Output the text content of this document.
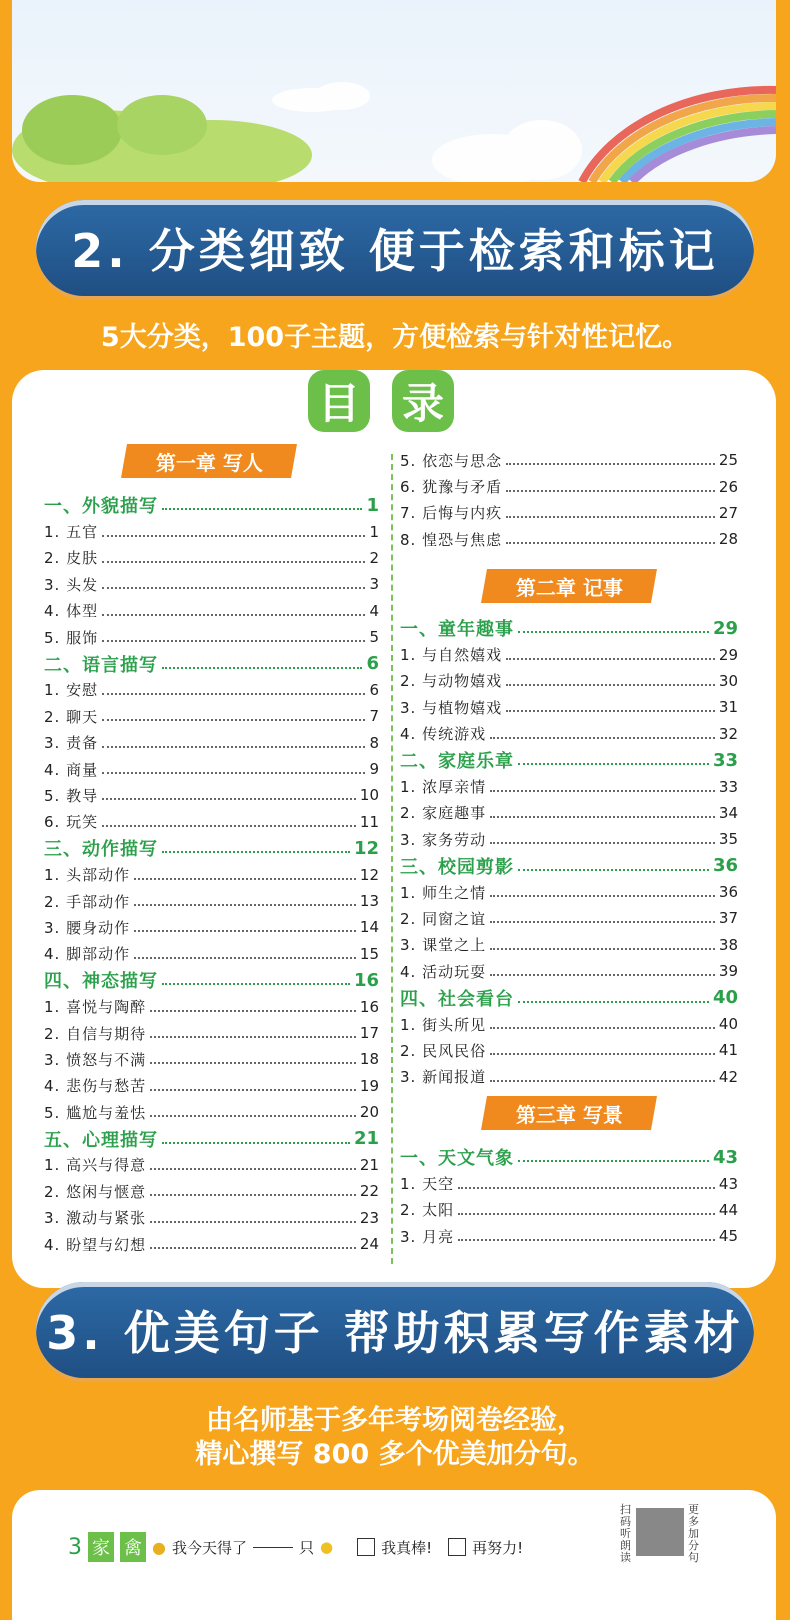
2. 分类细致 便于检索和标记
5大分类，100子主题，方便检索与针对性记忆。
目 录
第一章 写人
第二章 记事
第三章 写景
一、外貌描写	1
1. 五官	1
2. 皮肤	2
3. 头发	3
4. 体型	4
5. 服饰	5
二、语言描写	6
1. 安慰	6
2. 聊天	7
3. 责备	8
4. 商量	9
5. 教导	10
6. 玩笑	11
三、动作描写	12
1. 头部动作	12
2. 手部动作	13
3. 腰身动作	14
4. 脚部动作	15
四、神态描写	16
1. 喜悦与陶醉	16
2. 自信与期待	17
3. 愤怒与不满	18
4. 悲伤与愁苦	19
5. 尴尬与羞怯	20
五、心理描写	21
1. 高兴与得意	21
2. 悠闲与惬意	22
3. 激动与紧张	23
4. 盼望与幻想	24
5. 依恋与思念	25
6. 犹豫与矛盾	26
7. 后悔与内疚	27
8. 惶恐与焦虑	28
一、童年趣事	29
1. 与自然嬉戏	29
2. 与动物嬉戏	30
3. 与植物嬉戏	31
4. 传统游戏	32
二、家庭乐章	33
1. 浓厚亲情	33
2. 家庭趣事	34
3. 家务劳动	35
三、校园剪影	36
1. 师生之情	36
2. 同窗之谊	37
3. 课堂之上	38
4. 活动玩耍	39
四、社会看台	40
1. 街头所见	40
2. 民风民俗	41
3. 新闻报道	42
一、天文气象	43
1. 天空	43
2. 太阳	44
3. 月亮	45
3. 优美句子 帮助积累写作素材
由名师基于多年考场阅卷经验，
精心撰写 800 多个优美加分句。
3 家 禽 ● 我今天得了	只 ●	我真棒!	再努力!
扫码听朗读
更多加分句
